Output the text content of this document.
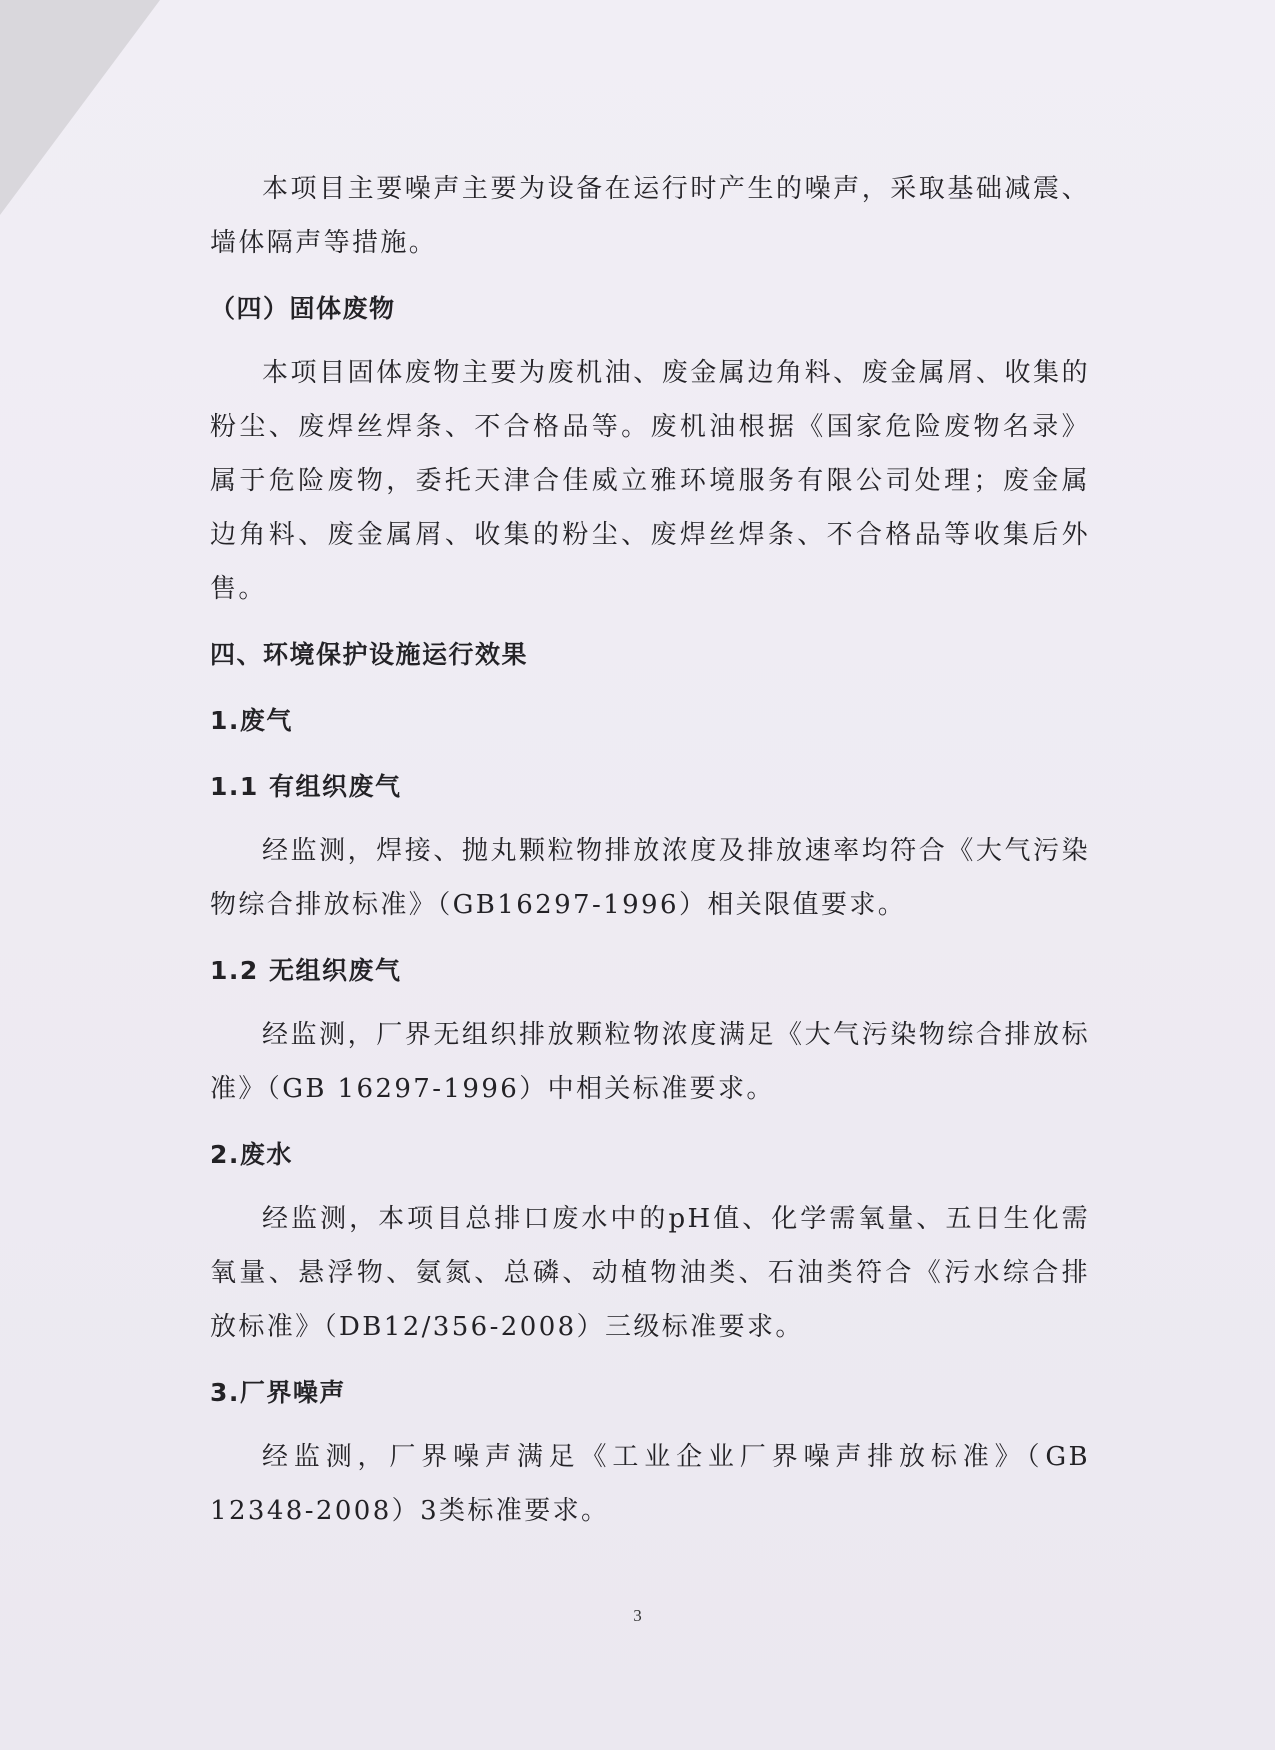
本项目主要噪声主要为设备在运行时产生的噪声，采取基础减震、墙体隔声等措施。

（四）固体废物

本项目固体废物主要为废机油、废金属边角料、废金属屑、收集的粉尘、废焊丝焊条、不合格品等。废机油根据《国家危险废物名录》属于危险废物，委托天津合佳威立雅环境服务有限公司处理；废金属边角料、废金属屑、收集的粉尘、废焊丝焊条、不合格品等收集后外售。

四、环境保护设施运行效果
1.废气
1.1 有组织废气

经监测，焊接、抛丸颗粒物排放浓度及排放速率均符合《大气污染物综合排放标准》（GB16297-1996）相关限值要求。

1.2 无组织废气

经监测，厂界无组织排放颗粒物浓度满足《大气污染物综合排放标准》（GB 16297-1996）中相关标准要求。

2.废水

经监测，本项目总排口废水中的pH值、化学需氧量、五日生化需氧量、悬浮物、氨氮、总磷、动植物油类、石油类符合《污水综合排放标准》（DB12/356-2008）三级标准要求。

3.厂界噪声

经监测，厂界噪声满足《工业企业厂界噪声排放标准》（GB 12348-2008）3类标准要求。

3
